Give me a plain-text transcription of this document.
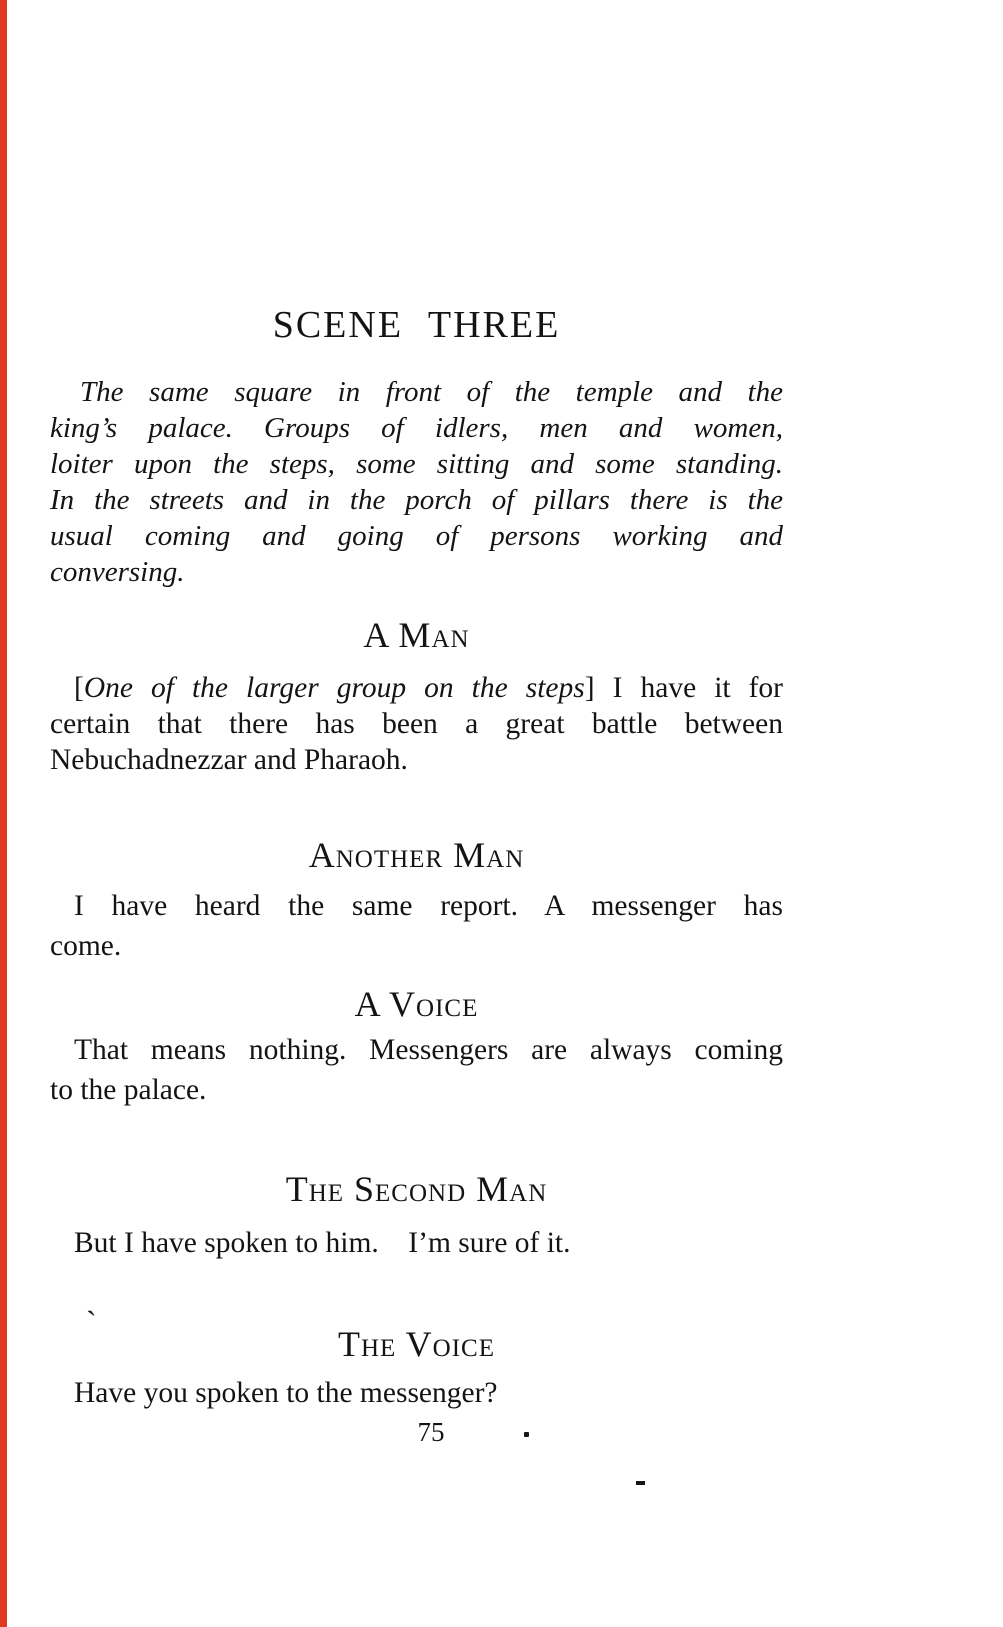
SCENE THREE
The same square in front of the temple and the
king’s palace. Groups of idlers, men and women,
loiter upon the steps, some sitting and some standing.
In the streets and in the porch of pillars there is the
usual coming and going of persons working and
conversing.
A Man
[One of the larger group on the steps] I have it for
certain that there has been a great battle between
Nebuchadnezzar and Pharaoh.
Another Man
I have heard the same report. A messenger has
come.
A Voice
That means nothing. Messengers are always coming
to the palace.
The Second Man
But I have spoken to him. I’m sure of it.
`
The Voice
Have you spoken to the messenger?
75
